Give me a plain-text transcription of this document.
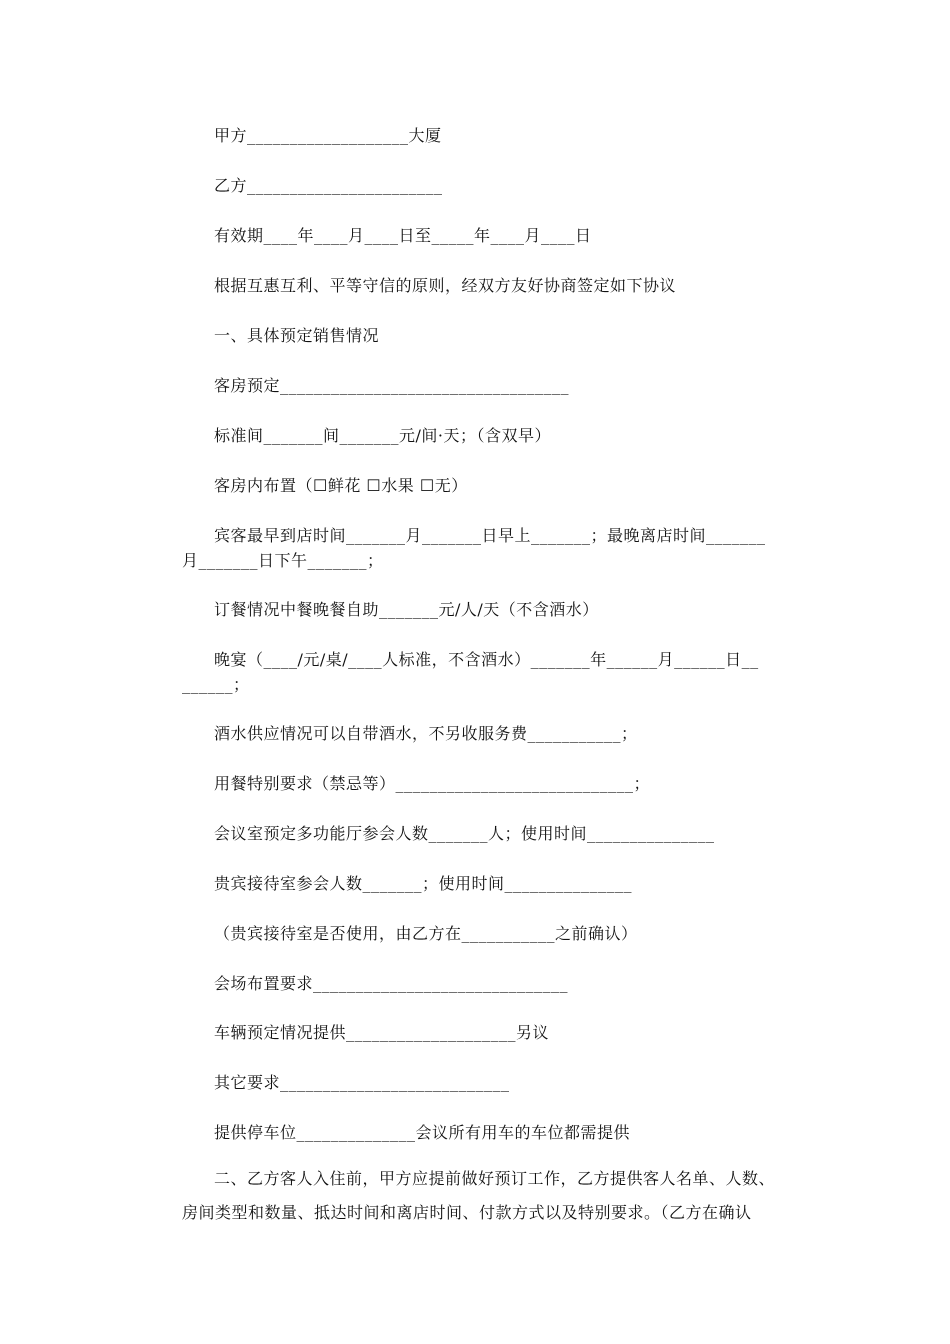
甲方___________________大厦
乙方_______________________
有效期____年____月____日至_____年____月____日
根据互惠互利、平等守信的原则，经双方友好协商签定如下协议
一、具体预定销售情况
客房预定__________________________________
标准间_______间_______元/间·天；（含双早）
客房内布置（☐鲜花 ☐水果 ☐无）
宾客最早到店时间_______月_______日早上_______；最晚离店时间_______
月_______日下午_______；
订餐情况中餐晚餐自助_______元/人/天（不含酒水）
晚宴（____/元/桌/____人标准，不含酒水）_______年______月______日__
______；
酒水供应情况可以自带酒水，不另收服务费___________；
用餐特别要求（禁忌等）____________________________；
会议室预定多功能厅参会人数_______人；使用时间_______________
贵宾接待室参会人数_______；使用时间_______________
（贵宾接待室是否使用，由乙方在___________之前确认）
会场布置要求______________________________
车辆预定情况提供____________________另议
其它要求___________________________
提供停车位______________会议所有用车的车位都需提供
二、乙方客人入住前，甲方应提前做好预订工作，乙方提供客人名单、人数、房间类型和数量、抵达时间和离店时间、付款方式以及特别要求。（乙方在确认
